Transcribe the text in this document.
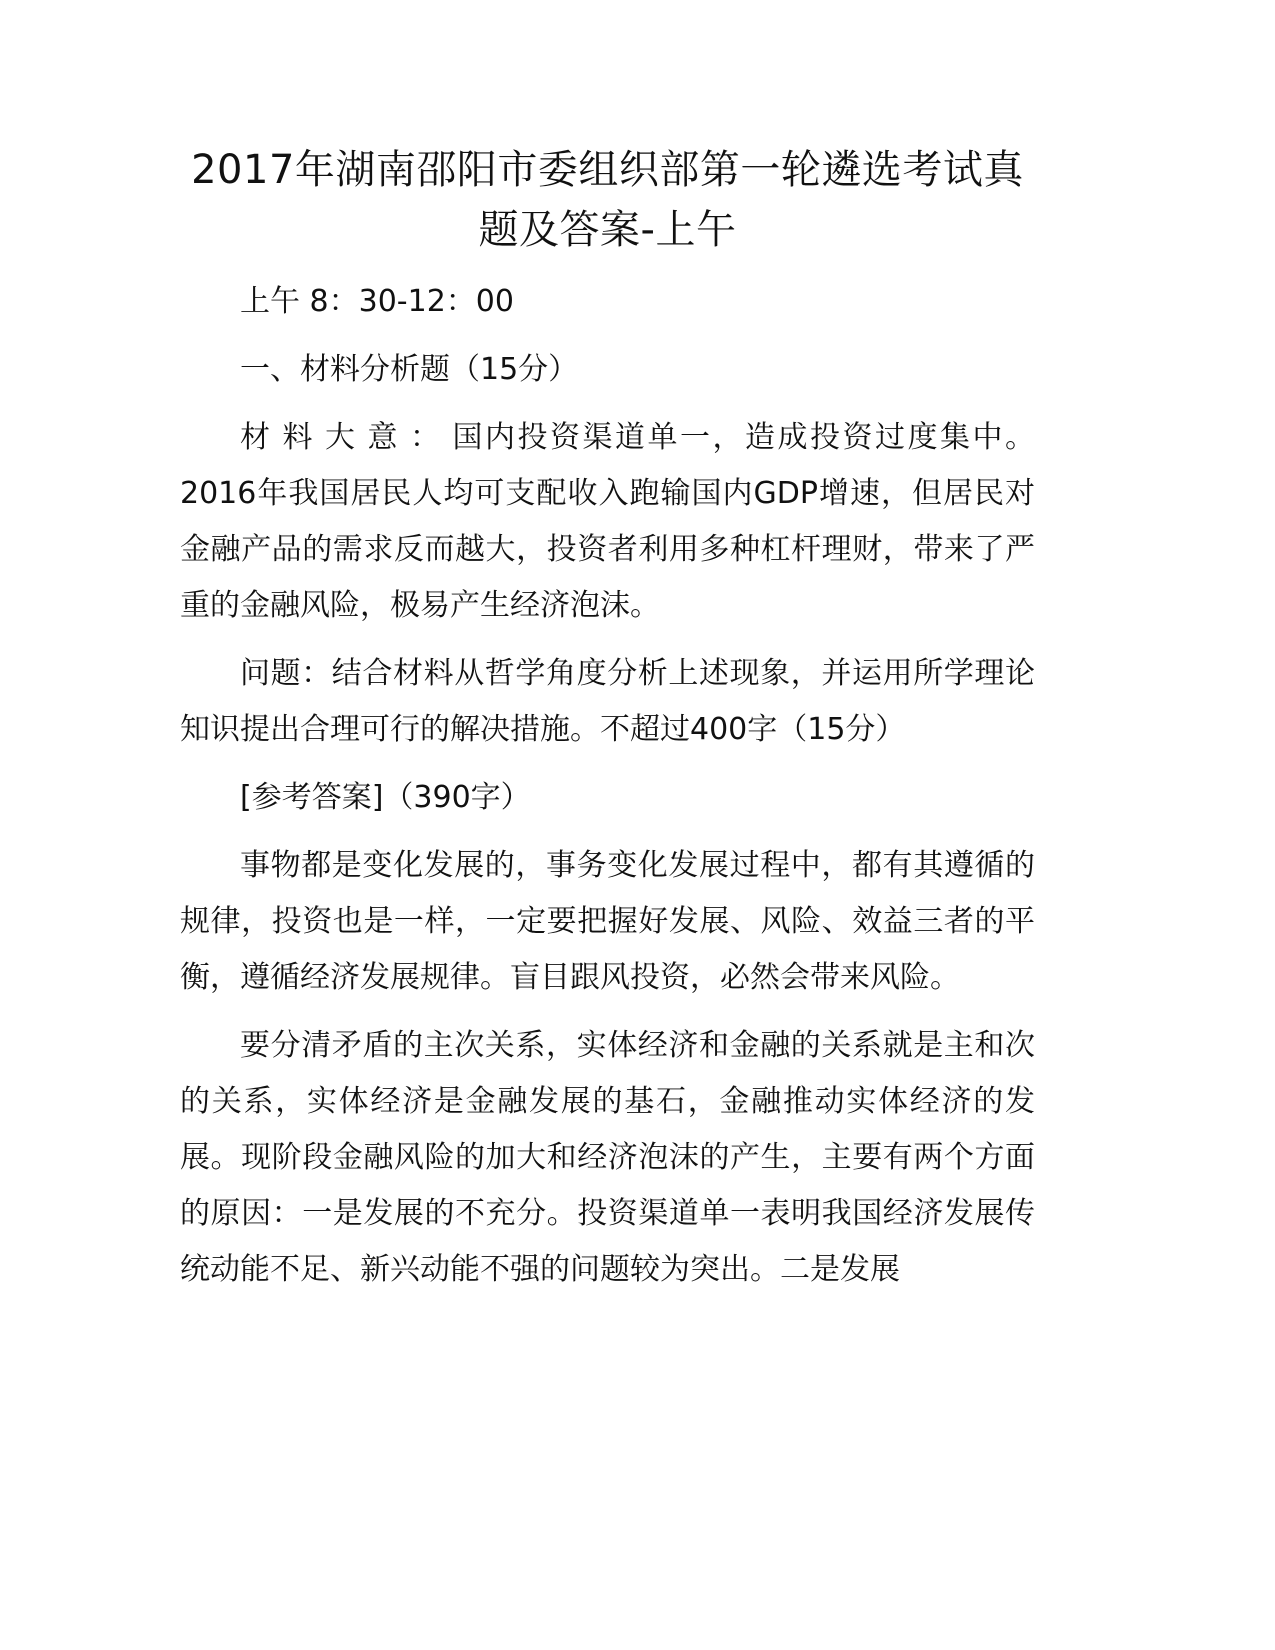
2017年湖南邵阳市委组织部第一轮遴选考试真题及答案-上午

上午 8：30-12：00

一、材料分析题（15分）

材料大意：国内投资渠道单一，造成投资过度集中。2016年我国居民人均可支配收入跑输国内GDP增速，但居民对金融产品的需求反而越大，投资者利用多种杠杆理财，带来了严重的金融风险，极易产生经济泡沫。

问题：结合材料从哲学角度分析上述现象，并运用所学理论知识提出合理可行的解决措施。不超过400字（15分）

[参考答案]（390字）

事物都是变化发展的，事务变化发展过程中，都有其遵循的规律，投资也是一样，一定要把握好发展、风险、效益三者的平衡，遵循经济发展规律。盲目跟风投资，必然会带来风险。

要分清矛盾的主次关系，实体经济和金融的关系就是主和次的关系，实体经济是金融发展的基石，金融推动实体经济的发展。现阶段金融风险的加大和经济泡沫的产生，主要有两个方面的原因：一是发展的不充分。投资渠道单一表明我国经济发展传统动能不足、新兴动能不强的问题较为突出。二是发展
